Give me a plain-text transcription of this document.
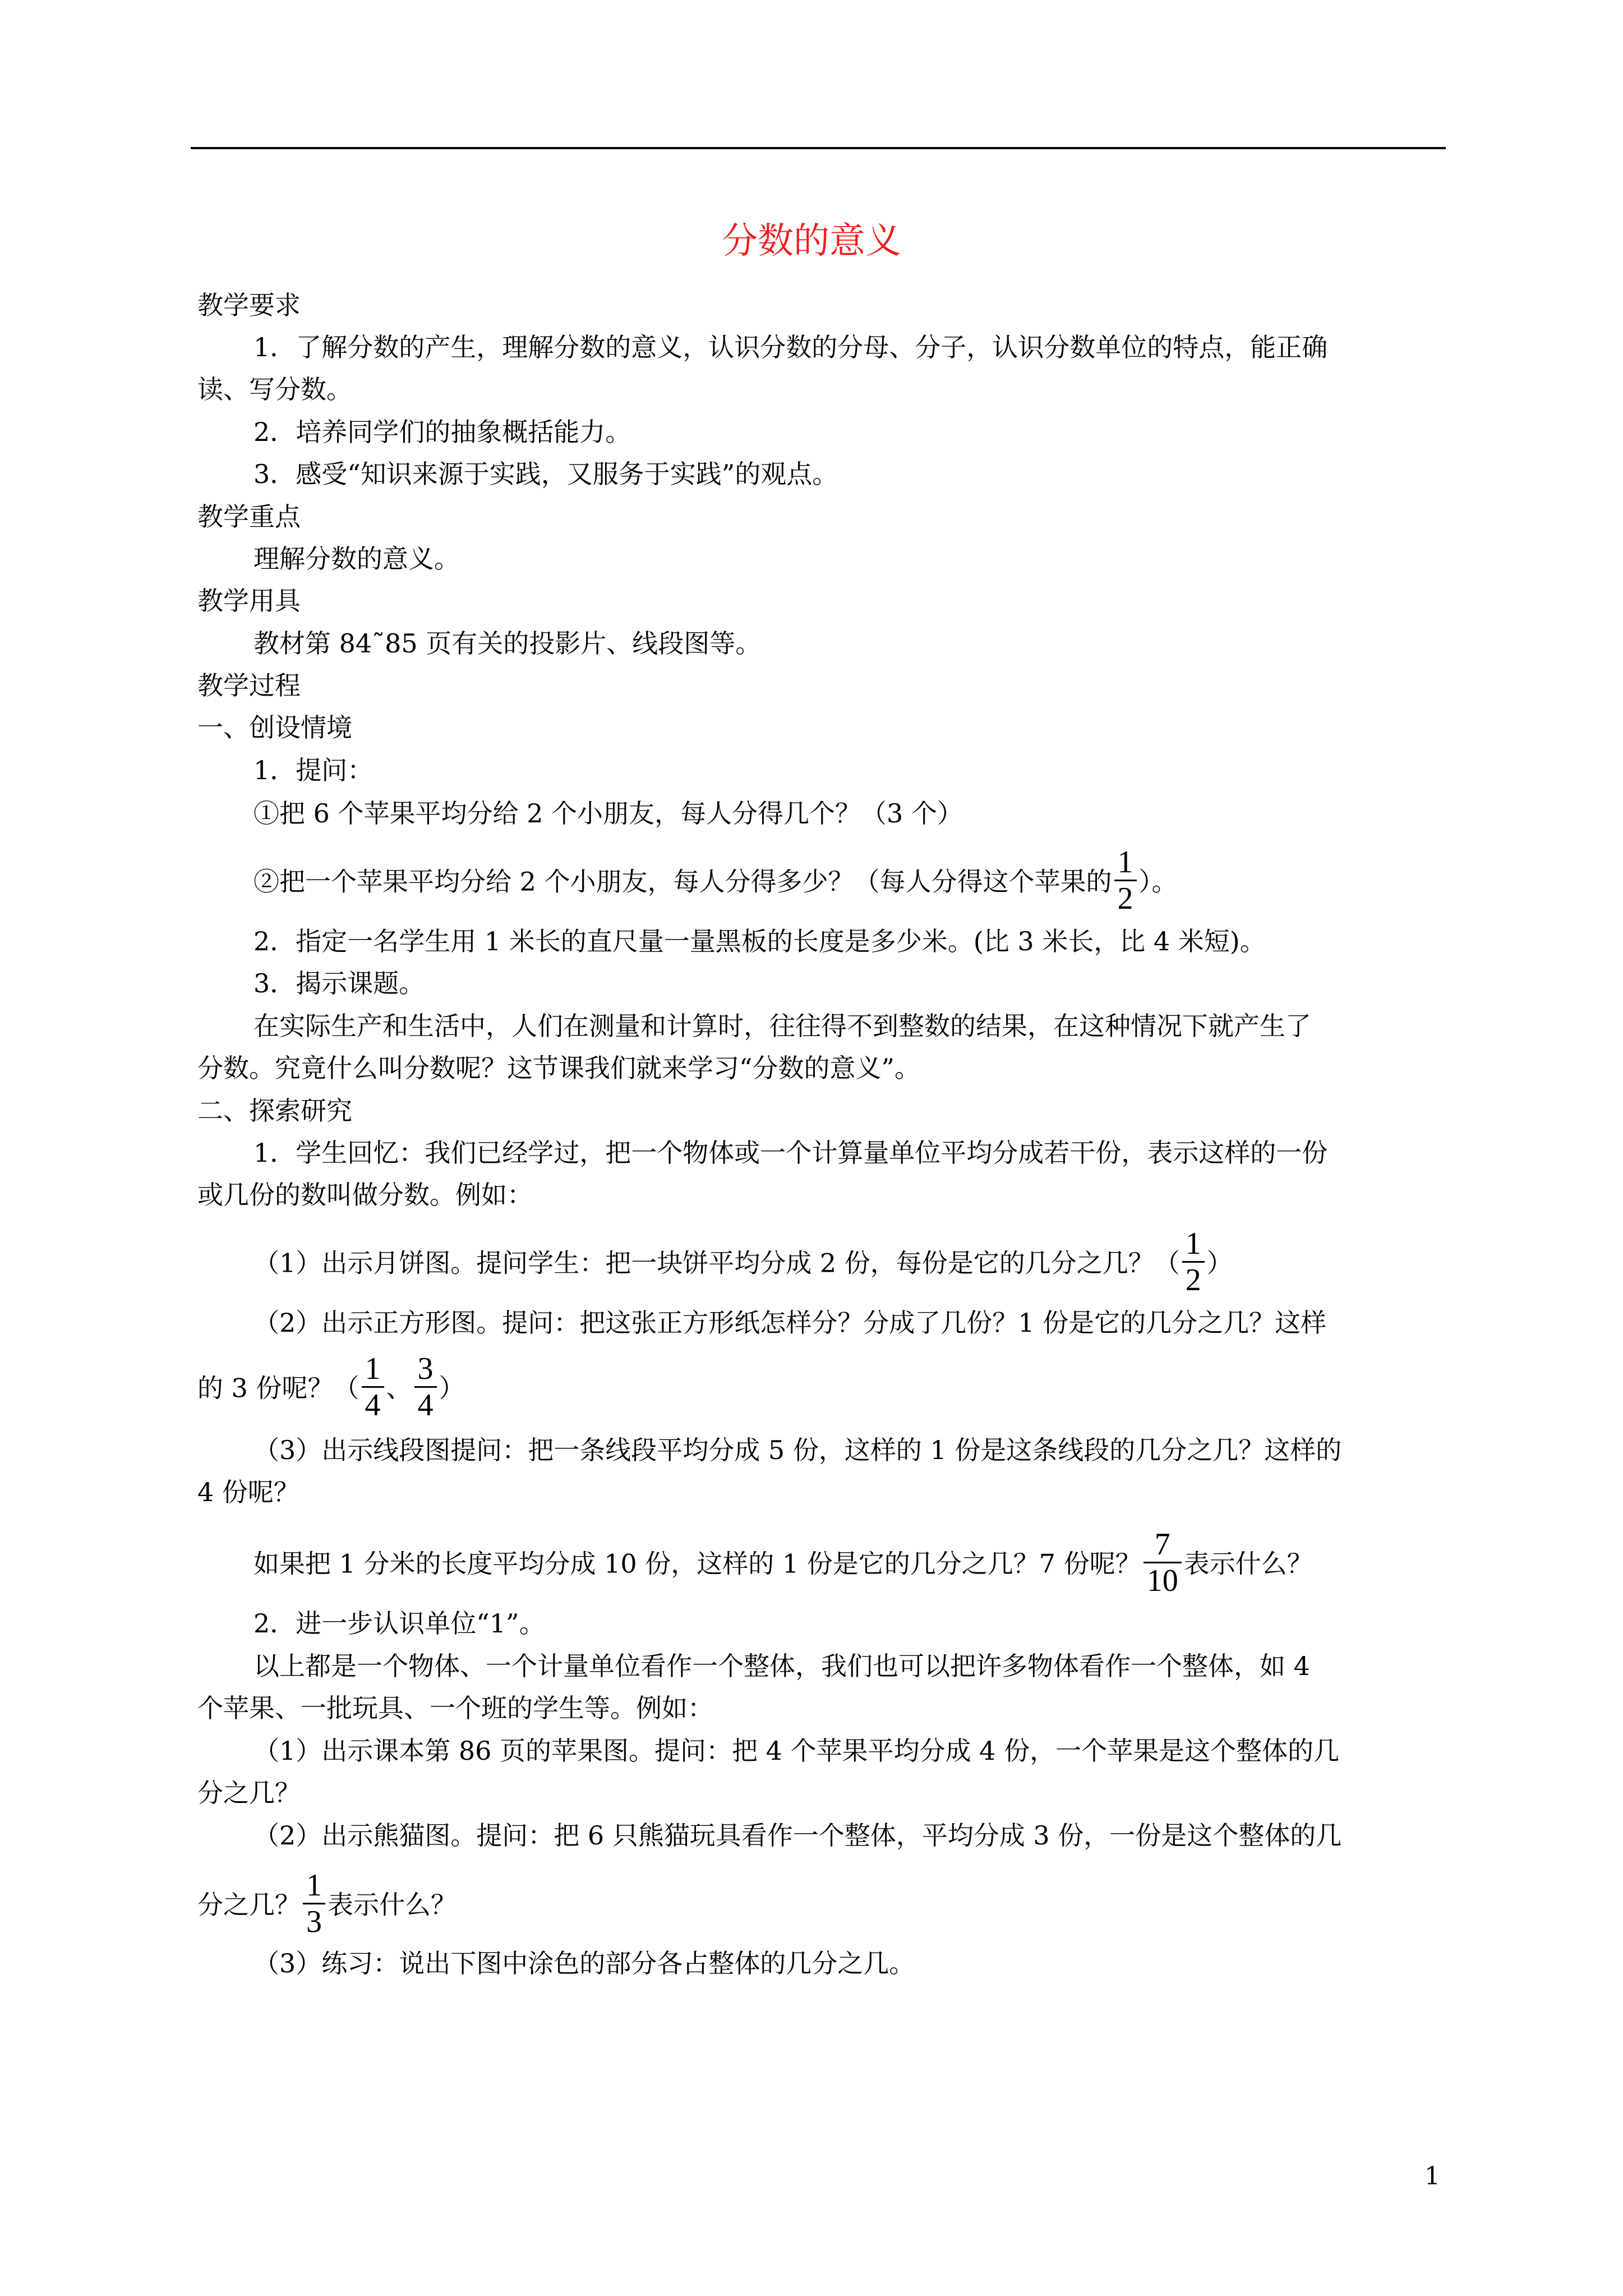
分数的意义
教学要求
1．了解分数的产生，理解分数的意义，认识分数的分母、分子，认识分数单位的特点，能正确
读、写分数。
2．培养同学们的抽象概括能力。
3．感受“知识来源于实践，又服务于实践”的观点。
教学重点
理解分数的意义。
教学用具
教材第 84˜85 页有关的投影片、线段图等。
教学过程
一、创设情境
1．提问：
①把 6 个苹果平均分给 2 个小朋友，每人分得几个？（3 个）
②把一个苹果平均分给 2 个小朋友，每人分得多少？（每人分得这个苹果的 $\frac{1}{2}$ ）。
2．指定一名学生用 1 米长的直尺量一量黑板的长度是多少米。(比 3 米长，比 4 米短)。
3．揭示课题。
在实际生产和生活中，人们在测量和计算时，往往得不到整数的结果，在这种情况下就产生了
分数。究竟什么叫分数呢？这节课我们就来学习“分数的意义”。
二、探索研究
1．学生回忆：我们已经学过，把一个物体或一个计算量单位平均分成若干份，表示这样的一份
或几份的数叫做分数。例如：
（1）出示月饼图。提问学生：把一块饼平均分成 2 份，每份是它的几分之几？（ $\frac{1}{2}$ ）
（2）出示正方形图。提问：把这张正方形纸怎样分？分成了几份？1 份是它的几分之几？这样
的 3 份呢？（ $\frac{1}{4}$ 、 $\frac{3}{4}$ ）
（3）出示线段图提问：把一条线段平均分成 5 份，这样的 1 份是这条线段的几分之几？这样的
4 份呢？
如果把 1 分米的长度平均分成 10 份，这样的 1 份是它的几分之几？7 份呢？ $\frac{7}{10}$ 表示什么？
2．进一步认识单位“1”。
以上都是一个物体、一个计量单位看作一个整体，我们也可以把许多物体看作一个整体，如 4
个苹果、一批玩具、一个班的学生等。例如：
（1）出示课本第 86 页的苹果图。提问：把 4 个苹果平均分成 4 份，一个苹果是这个整体的几
分之几？
（2）出示熊猫图。提问：把 6 只熊猫玩具看作一个整体，平均分成 3 份，一份是这个整体的几
分之几？ $\frac{1}{3}$ 表示什么？
（3）练习：说出下图中涂色的部分各占整体的几分之几。
1
